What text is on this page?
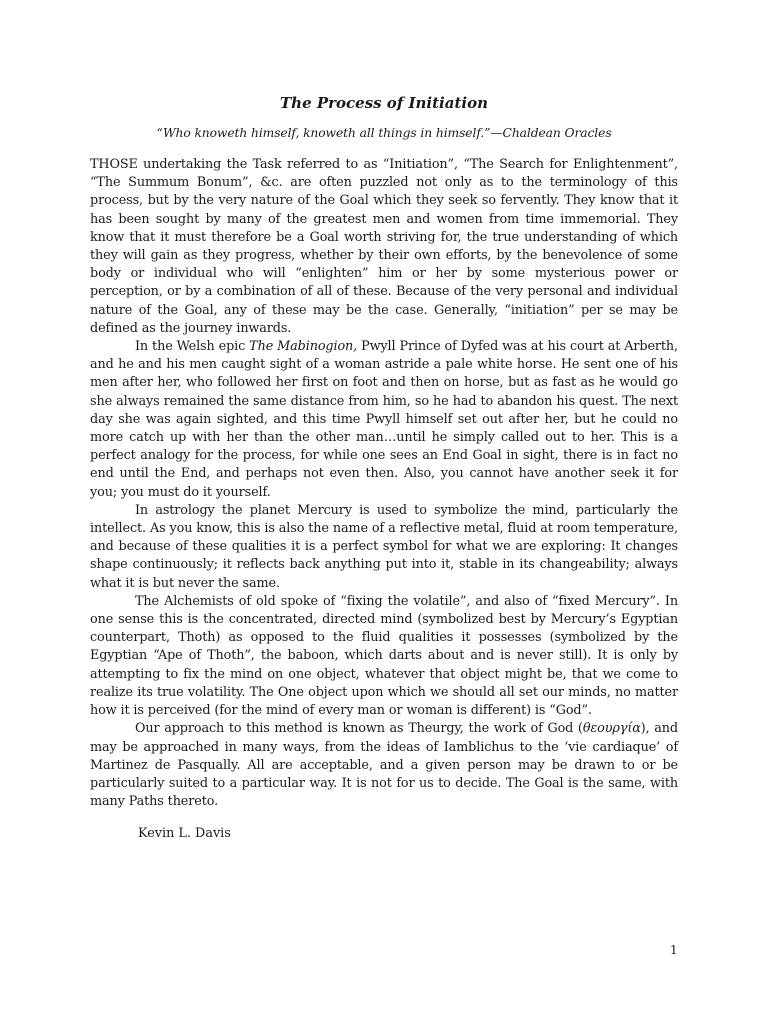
The Process of Initiation

“Who knoweth himself, knoweth all things in himself.”—Chaldean Oracles

THOSE undertaking the Task referred to as “Initiation”, “The Search for Enlightenment”, “The Summum Bonum”, &c. are often puzzled not only as to the terminology of this process, but by the very nature of the Goal which they seek so fervently. They know that it has been sought by many of the greatest men and women from time immemorial. They know that it must therefore be a Goal worth striving for, the true understanding of which they will gain as they progress, whether by their own efforts, by the benevolence of some body or individual who will “enlighten” him or her by some mysterious power or perception, or by a combination of all of these. Because of the very personal and individual nature of the Goal, any of these may be the case. Generally, “initiation” per se may be defined as the journey inwards.

In the Welsh epic The Mabinogion, Pwyll Prince of Dyfed was at his court at Arberth, and he and his men caught sight of a woman astride a pale white horse. He sent one of his men after her, who followed her first on foot and then on horse, but as fast as he would go she always remained the same distance from him, so he had to abandon his quest. The next day she was again sighted, and this time Pwyll himself set out after her, but he could no more catch up with her than the other man…until he simply called out to her. This is a perfect analogy for the process, for while one sees an End Goal in sight, there is in fact no end until the End, and perhaps not even then. Also, you cannot have another seek it for you; you must do it yourself.

In astrology the planet Mercury is used to symbolize the mind, particularly the intellect. As you know, this is also the name of a reflective metal, fluid at room temperature, and because of these qualities it is a perfect symbol for what we are exploring: It changes shape continuously; it reflects back anything put into it, stable in its changeability; always what it is but never the same.

The Alchemists of old spoke of “fixing the volatile”, and also of “fixed Mercury”. In one sense this is the concentrated, directed mind (symbolized best by Mercury’s Egyptian counterpart, Thoth) as opposed to the fluid qualities it possesses (symbolized by the Egyptian “Ape of Thoth”, the baboon, which darts about and is never still). It is only by attempting to fix the mind on one object, whatever that object might be, that we come to realize its true volatility. The One object upon which we should all set our minds, no matter how it is perceived (for the mind of every man or woman is different) is “God”.

Our approach to this method is known as Theurgy, the work of God (θεουργία), and may be approached in many ways, from the ideas of Iamblichus to the ‘vie cardiaque’ of Martinez de Pasqually. All are acceptable, and a given person may be drawn to or be particularly suited to a particular way. It is not for us to decide. The Goal is the same, with many Paths thereto.

Kevin L. Davis

1
